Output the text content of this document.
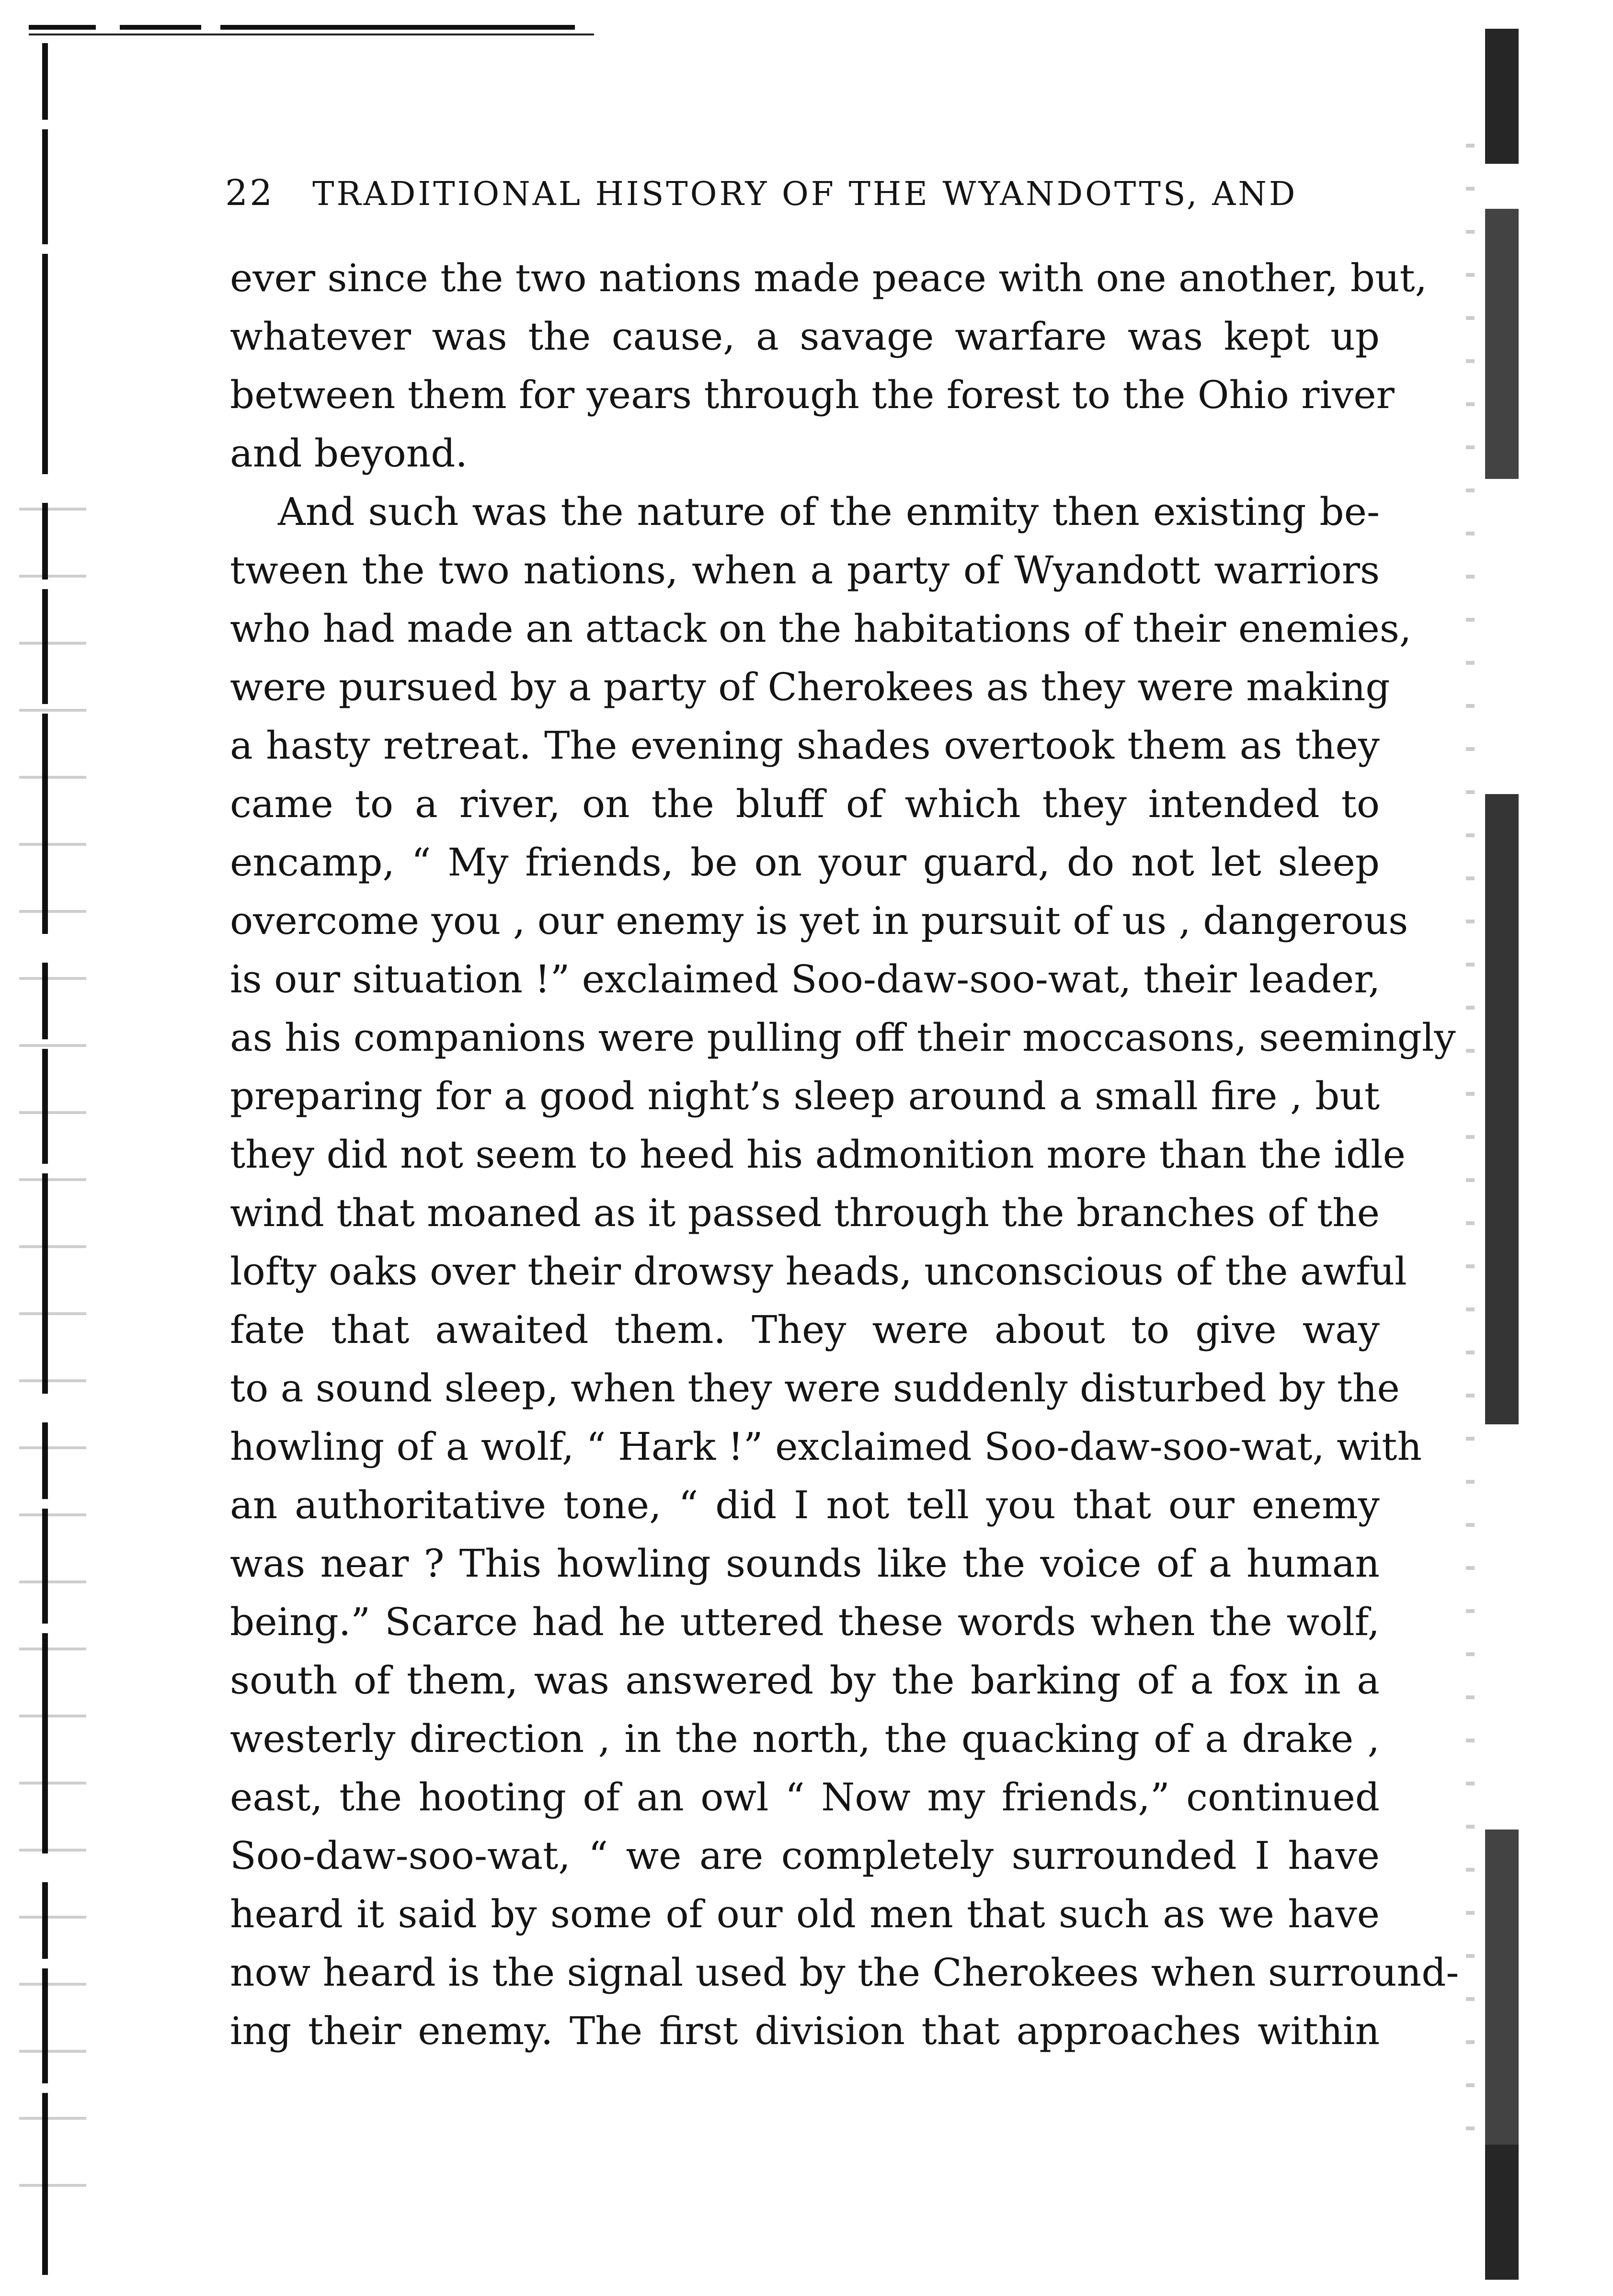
22 TRADITIONAL HISTORY OF THE WYANDOTTS, AND
ever since the two nations made peace with one another, but,
whatever was the cause, a savage warfare was kept up
between them for years through the forest to the Ohio river
and beyond.
And such was the nature of the enmity then existing be-
tween the two nations, when a party of Wyandott warriors
who had made an attack on the habitations of their enemies,
were pursued by a party of Cherokees as they were making
a hasty retreat. The evening shades overtook them as they
came to a river, on the bluff of which they intended to
encamp, “ My friends, be on your guard, do not let sleep
overcome you , our enemy is yet in pursuit of us , dangerous
is our situation !” exclaimed Soo-daw-soo-wat, their leader,
as his companions were pulling off their moccasons, seemingly
preparing for a good night’s sleep around a small fire , but
they did not seem to heed his admonition more than the idle
wind that moaned as it passed through the branches of the
lofty oaks over their drowsy heads, unconscious of the awful
fate that awaited them. They were about to give way
to a sound sleep, when they were suddenly disturbed by the
howling of a wolf, “ Hark !” exclaimed Soo-daw-soo-wat, with
an authoritative tone, “ did I not tell you that our enemy
was near ? This howling sounds like the voice of a human
being.” Scarce had he uttered these words when the wolf,
south of them, was answered by the barking of a fox in a
westerly direction , in the north, the quacking of a drake ,
east, the hooting of an owl “ Now my friends,” continued
Soo-daw-soo-wat, “ we are completely surrounded I have
heard it said by some of our old men that such as we have
now heard is the signal used by the Cherokees when surround-
ing their enemy. The first division that approaches within
